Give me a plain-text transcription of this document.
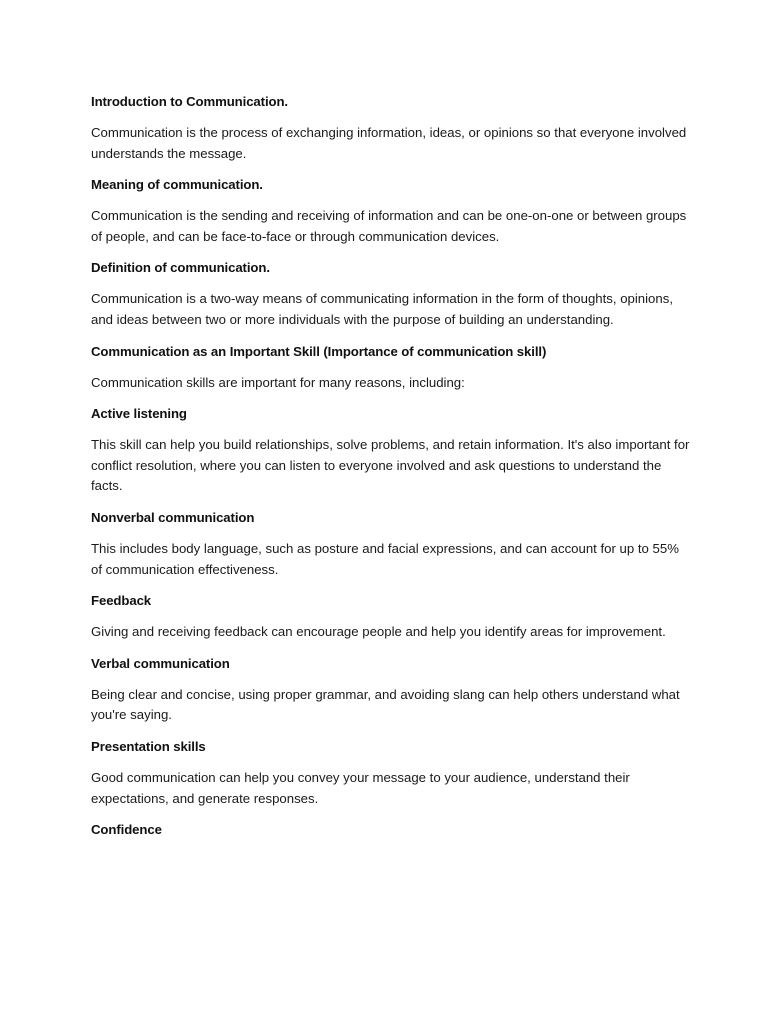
Introduction to Communication.
Communication is the process of exchanging information, ideas, or opinions so that everyone involved understands the message.
Meaning of communication.
Communication is the sending and receiving of information and can be one-on-one or between groups of people, and can be face-to-face or through communication devices.
Definition of communication.
Communication is a two-way means of communicating information in the form of thoughts, opinions, and ideas between two or more individuals with the purpose of building an understanding.
Communication as an Important Skill (Importance of communication skill)
Communication skills are important for many reasons, including:
Active listening
This skill can help you build relationships, solve problems, and retain information. It's also important for conflict resolution, where you can listen to everyone involved and ask questions to understand the facts.
Nonverbal communication
This includes body language, such as posture and facial expressions, and can account for up to 55% of communication effectiveness.
Feedback
Giving and receiving feedback can encourage people and help you identify areas for improvement.
Verbal communication
Being clear and concise, using proper grammar, and avoiding slang can help others understand what you're saying.
Presentation skills
Good communication can help you convey your message to your audience, understand their expectations, and generate responses.
Confidence
